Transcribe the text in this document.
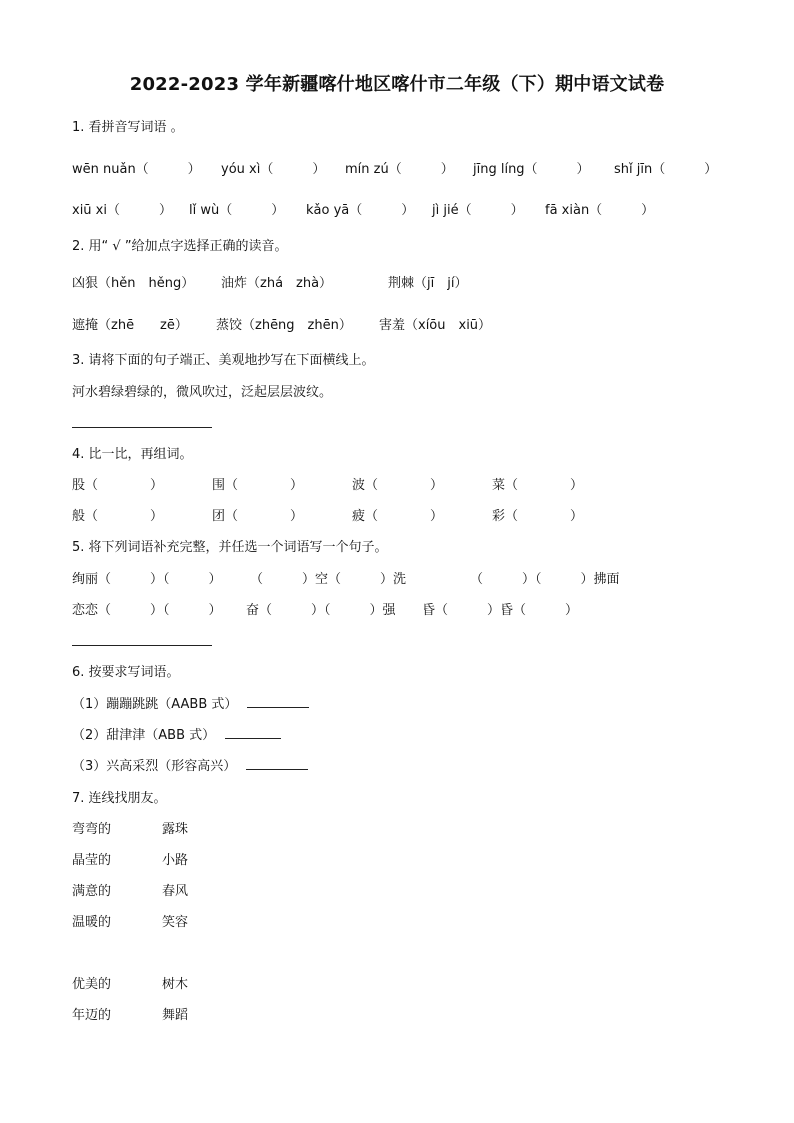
2022-2023 学年新疆喀什地区喀什市二年级（下）期中语文试卷
1. 看拼音写词语 。
wēn nuǎn（　　　） yóu xì（　　　） mín zú（　　　） jīng líng（　　　） shǐ jīn（　　　）
xiū xi（　　　） lǐ wù（　　　） kǎo yā（　　　） jì jié（　　　） fā xiàn（　　　）
2. 用“ √ ”给加点字选择正确的读音。
凶狠（hěn　hěng） 油炸（zhá　zhà）	荆棘（jī　jí）
遮掩（zhē　　zē） 蒸饺（zhēng　zhēn） 害羞（xíōu　xiū）
3. 请将下面的句子端正、美观地抄写在下面横线上。
河水碧绿碧绿的，微风吹过，泛起层层波纹。
4. 比一比，再组词。
股（　　　　）	围（　　　　）	波（　　　　）	菜（　　　　）
般（　　　　）	团（　　　　）	疲（　　　　）	彩（　　　　）
5. 将下列词语补充完整，并任选一个词语写一个句子。
绚丽（　　　）（　　　） （　　　）空（　　　）洗	（　　　）（　　　）拂面
恋恋（　　　）（　　　） 奋（　　　）（　　　）强 昏（　　　）昏（　　　）
6. 按要求写词语。
（1）蹦蹦跳跳（AABB 式）
（2）甜津津（ABB 式）
（3）兴高采烈（形容高兴）
7. 连线找朋友。
弯弯的	露珠
晶莹的	小路
满意的	春风
温暖的	笑容
优美的	树木
年迈的	舞蹈
